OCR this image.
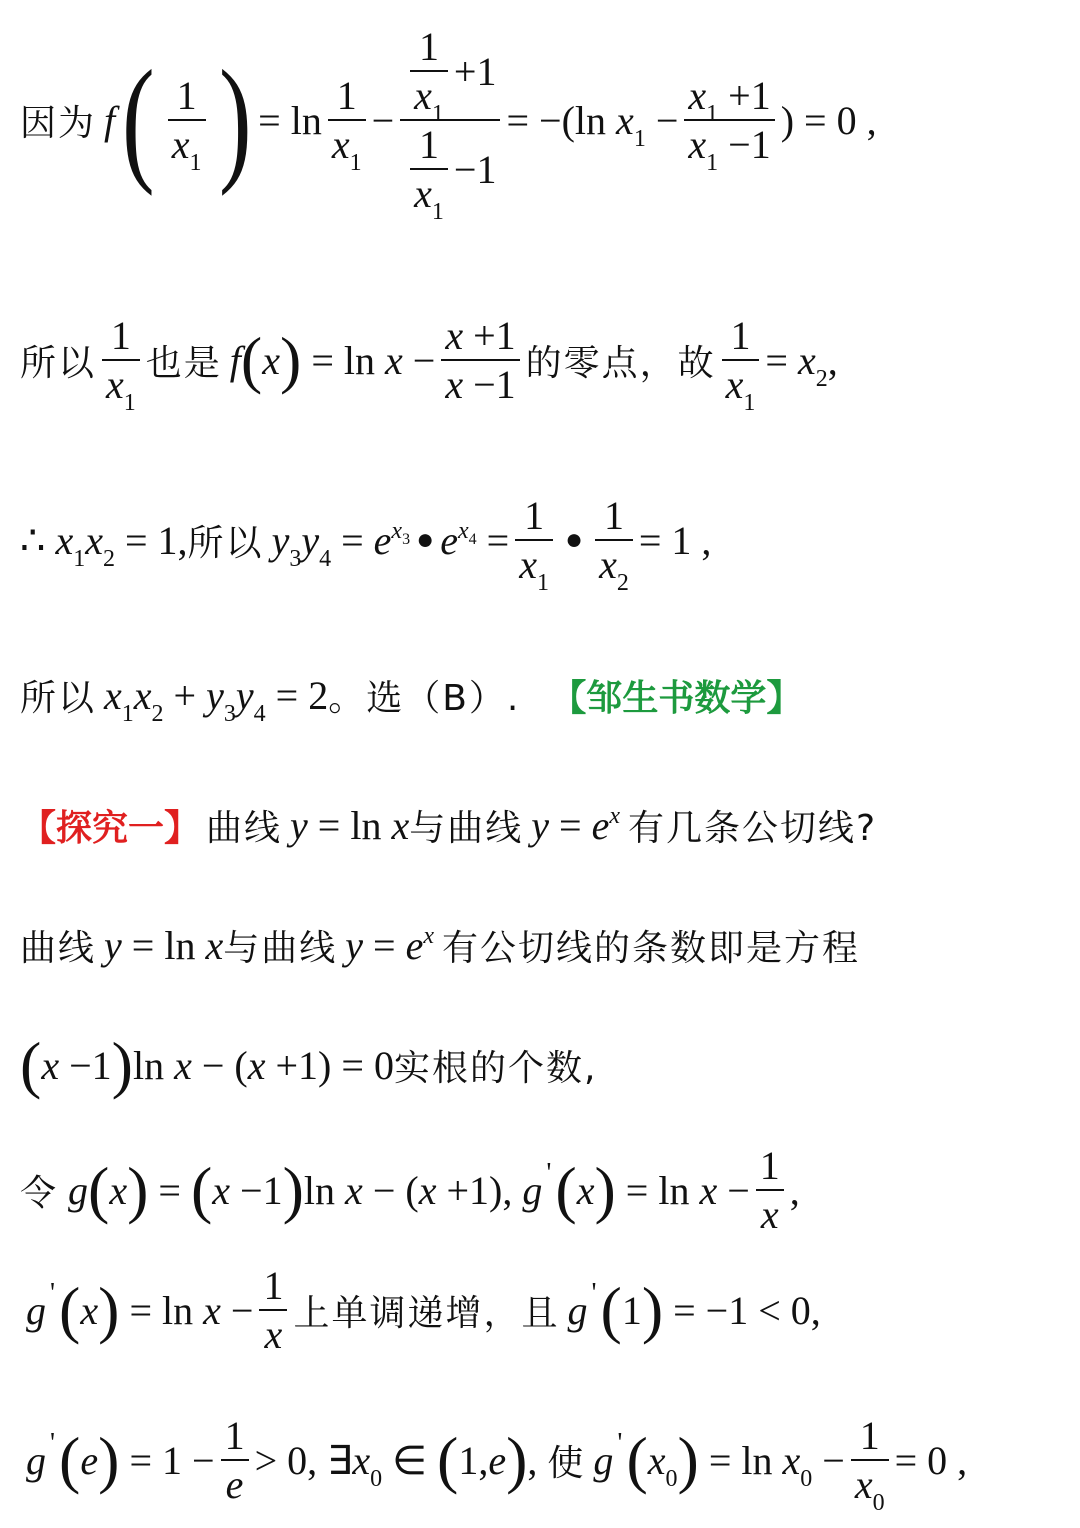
因为 f ( $\frac{1}{x_1}$ ) = $\ln \frac{1}{x_1} - \frac{\frac{1}{x_1} +1}{\frac{1}{x_1} -1} = -(\ln$ $x_1 - \frac{x_1 +1}{x_1 -1}$ ) = 0 ,
所以 $\frac{1}{x_1}$ 也是 f ( x ) = $\ln x - \frac{x +1}{x -1}$ 的零点，故 $\frac{1}{x_1} = x_2$ ,
∴ $x_1x_2 = 1$, 所以 $y_3y_4 = e^{x_3}$ ● $e^{x_4} = \frac{1}{x_1}$ ● $\frac{1}{x_2} = 1$ ,
所以 $x_1x_2 + y_3y_4 = 2$ 。选（B）. 【邹生书数学】
【探究一】 曲线 y = ln x 与曲线 $y = e^x$ 有几条公切线?
曲线 y = ln x 与曲线 $y = e^x$ 有公切线的条数即是方程
( x −1 ) ln x − ( x +1) = 0 实根的个数,
令 g ( x ) = ( x −1 ) ln x − ( x +1), g ' ( x ) = $\ln x - \frac{1}{x}$ ,
g ' ( x ) = $\ln x - \frac{1}{x}$ 上单调递增，且 g ' ( 1 ) = −1 < 0,
g ' ( e ) = $1 - \frac{1}{e} > 0$, ∃ $x_0$ ∈ ( 1, e ) , 使 g ' ( $x_0$ ) = $\ln x_0 - \frac{1}{x_0} = 0$ ,
